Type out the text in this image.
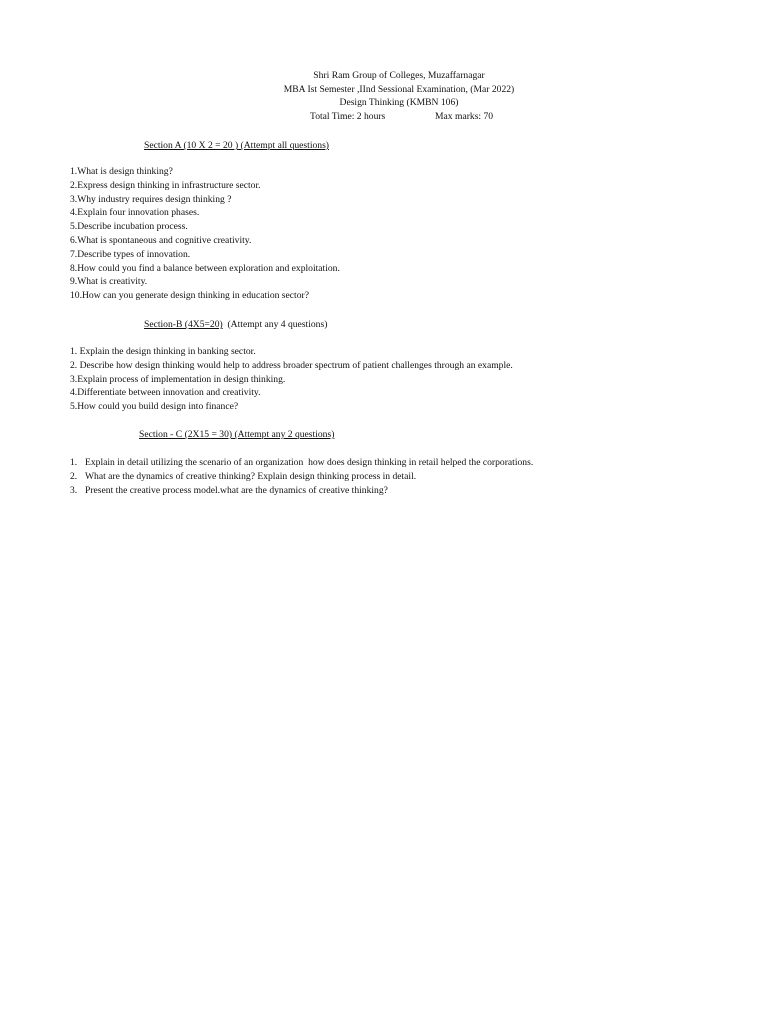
Shri Ram Group of Colleges, Muzaffarnagar
MBA Ist Semester ,IInd Sessional Examination, (Mar 2022)
Design Thinking (KMBN 106)
Total Time: 2 hours	Max marks: 70
Section A (10 X 2 = 20 ) (Attempt all questions)
1.What is design thinking?
2.Express design thinking in infrastructure sector.
3.Why industry requires design thinking ?
4.Explain four innovation phases.
5.Describe incubation process.
6.What is spontaneous and cognitive creativity.
7.Describe types of innovation.
8.How could you find a balance between exploration and exploitation.
9.What is creativity.
10.How can you generate design thinking in education sector?
Section-B (4X5=20)  (Attempt any 4 questions)
1. Explain the design thinking in banking sector.
2. Describe how design thinking would help to address broader spectrum of patient challenges through an example.
3.Explain process of implementation in design thinking.
4.Differentiate between innovation and creativity.
5.How could you build design into finance?
Section - C (2X15 = 30) (Attempt any 2 questions)
1. Explain in detail utilizing the scenario of an organization  how does design thinking in retail helped the corporations.
2. What are the dynamics of creative thinking? Explain design thinking process in detail.
3. Present the creative process model.what are the dynamics of creative thinking?
